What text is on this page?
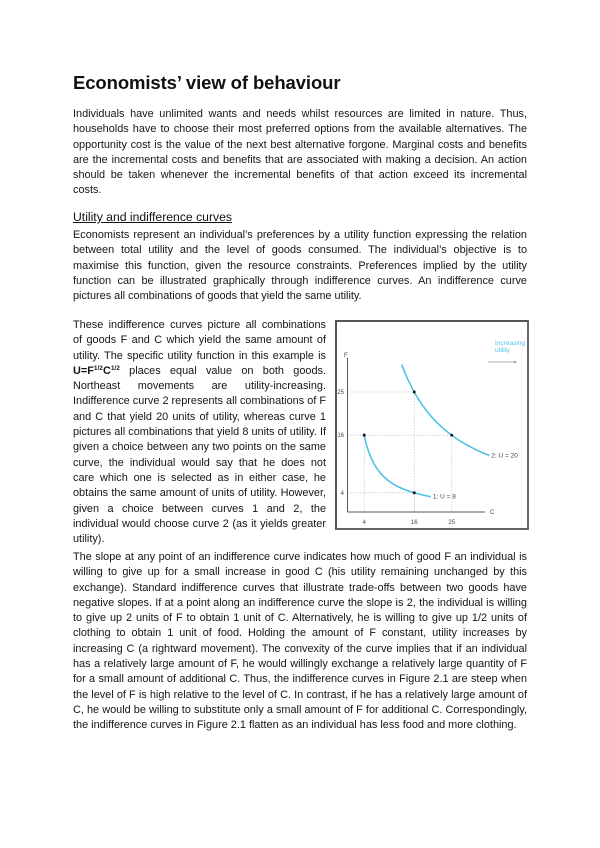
Economists’ view of behaviour

Individuals have unlimited wants and needs whilst resources are limited in nature. Thus, households have to choose their most preferred options from the available alternatives. The opportunity cost is the value of the next best alternative forgone. Marginal costs and benefits are the incremental costs and benefits that are associated with making a decision. An action should be taken whenever the incremental benefits of that action exceed its incremental costs.

Utility and indifference curves

Economists represent an individual’s preferences by a utility function expressing the relation between total utility and the level of goods consumed. The individual’s objective is to maximise this function, given the resource constraints. Preferences implied by the utility function can be illustrated graphically through indifference curves. An indifference curve pictures all combinations of goods that yield the same utility.

These indifference curves picture all combinations of goods F and C which yield the same amount of utility. The specific utility function in this example is $U=F^{1/2}C^{1/2}$ places equal value on both goods. Northeast movements are utility-increasing. Indifference curve 2 represents all combinations of F and C that yield 20 units of utility, whereas curve 1 pictures all combinations that yield 8 units of utility. If given a choice between any two points on the same curve, the individual would say that he does not care which one is selected as in either case, he obtains the same amount of units of utility. However, given a choice between curves 1 and 2, the individual would choose curve 2 (as it yields greater utility).

F
C
4	16	25
4
16
25
1: U = 8
2: U = 20
Increasing
utility

The slope at any point of an indifference curve indicates how much of good F an individual is willing to give up for a small increase in good C (his utility remaining unchanged by this exchange). Standard indifference curves that illustrate trade-offs between two goods have negative slopes. If at a point along an indifference curve the slope is 2, the individual is willing to give up 2 units of F to obtain 1 unit of C. Alternatively, he is willing to give up 1/2 units of clothing to obtain 1 unit of food. Holding the amount of F constant, utility increases by increasing C (a rightward movement). The convexity of the curve implies that if an individual has a relatively large amount of F, he would willingly exchange a relatively large quantity of F for a small amount of additional C. Thus, the indifference curves in Figure 2.1 are steep when the level of F is high relative to the level of C. In contrast, if he has a relatively large amount of C, he would be willing to substitute only a small amount of F for additional C. Correspondingly, the indifference curves in Figure 2.1 flatten as an individual has less food and more clothing.
